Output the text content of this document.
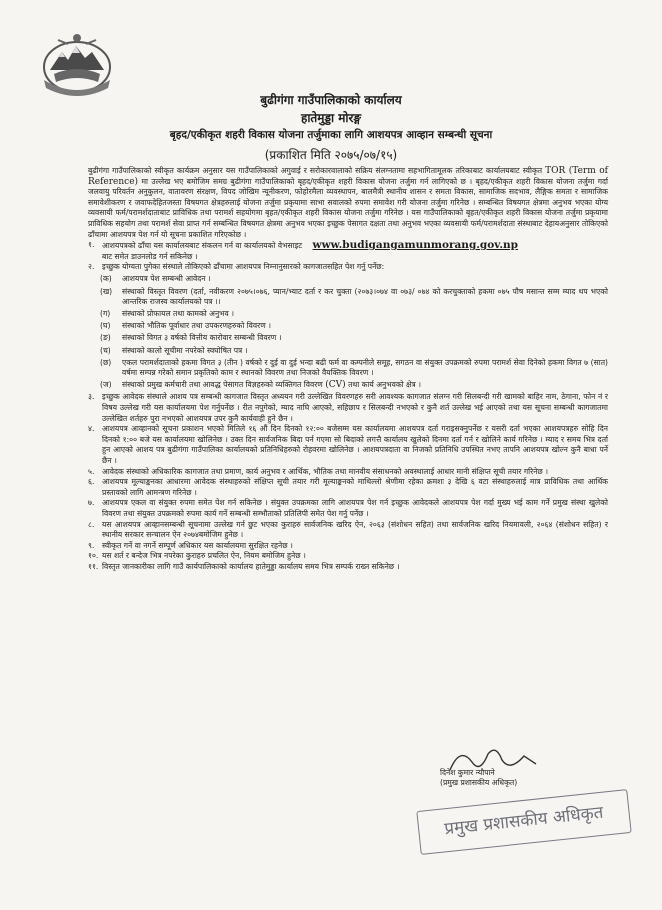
बुढीगंगा गाउँपालिकाको कार्यालय
हातेमुड्डा मोरङ्ग
बृहद/एकीकृत शहरी विकास योजना तर्जुमाका लागि आशयपत्र आव्हान सम्बन्धी सूचना
(प्रकाशित मिति २०७५/०७/१५)

बुढीगंगा गाउँपालिकाको स्वीकृत कार्यक्रम अनुसार यस गाउँपालिकाको अगुवाई र सरोकारवालाको सक्रिय संलग्नतामा सहभागितामूलक तरिकाबाट कार्यालयबाट स्वीकृत TOR (Term of Reference) मा उल्लेख भए बमोजिम समग्र बुढीगंगा गाउँपालिकाको बृहद/एकीकृत शहरी विकास योजना तर्जुमा गर्न लागिएको छ । बृहद/एकीकृत शहरी विकास योजना तर्जुमा गर्दा जलवायु परिवर्तन अनुकुलन, वातावरण संरक्षण, विपद जोखिम न्यूनीकरण, फोहोरमैला व्यवस्थापन, बालमैत्री स्थानीय शासन र समता विकास, सामाजिक सदभाव, लैङ्गिक समता र सामाजिक समावेशीकरण र जवाफदेहितजस्ता विषयगत क्षेत्रहरुलाई योजना तर्जुमा प्रकृयामा साभा सवालको रुपमा समावेश गरी योजना तर्जुमा गरिनेछ । सम्बन्धित विषयगत क्षेत्रमा अनुभव भएका योग्य व्यवसायी फर्म/परामर्शदाताबाट प्राविधिक तथा परामर्श सहयोगमा बृहत/एकीकृत शहरी विकास योजना तर्जुमा गरिनेछ । यस गाउँपालिकाको बृहत/एकीकृत शहरी विकास योजना तर्जुमा प्रकृयामा प्राविधिक सहयोग तथा परामर्श सेवा प्राप्त गर्न सम्बन्धित विषयगत क्षेत्रमा अनुभव भएका इच्छुक पेसागत दक्षता तथा अनुभव भएका व्यवसायी फर्म/परामर्शदाता संस्थाबाट देहायअनुसार तोकिएको ढाँचामा आशयपत्र पेश गर्न यो सूचना प्रकाशित गरिएकोछ ।

१.	आशयपत्रको ढाँचा यस कार्यालयबाट संकलन गर्न वा कार्यालयको वेभसाइट www.budigangamunmorang.gov.np
बाट समेत डाउनलोड गर्न सकिनेछ ।
२.	इच्छुक योग्यता पुगेका संस्थाले तोकिएको ढाँचामा आशयपत्र निम्नानुसारको कागजातसहित पेश गर्नु पर्नेछ:
(क)	आशयपत्र पेश सम्बन्धी आवेदन ।
(ख)	संस्थाको विस्तृत विवरण (दर्ता, नवीकरण २०७५।०७६, प्यान/भ्याट दर्ता र कर चुक्ता (२०७३।०७४ वा ०७३/ ०७४ को करचुक्ताको हकमा ०७५ पौष मसान्त सम्म म्याद थप भएको आन्तरिक राजस्व कार्यालयको पत्र ।।
(ग)	संस्थाको प्रोफायल तथा कामको अनुभव ।
(घ)	संस्थाको भौतिक पूर्वाधार तथा उपकरणहरुको विवरण ।
(ङ)	संस्थाको विगत ३ वर्षको वित्तीय कारोवार सम्बन्धी विवरण ।
(च)	संस्थाको कालो सूचीमा नपरेको स्वघोषित पत्र ।
(छ)	एकल परामर्शदाताको हकमा विगत ३ (तीन ) वर्षको र दुई वा दुई भन्दा बढी फर्म वा कम्पनीले समूह, सगठन वा संयुक्त उपक्रमको रुपमा परामर्श सेवा दिनेको हकमा विगत ७ (सात) वर्षमा सम्पन्न गरेको समान प्रकृतिको काम र स्थानको विवरण तथा निजको वैयक्तिक विवरण ।
(ज)	संस्थाको प्रमुख कर्मचारी तथा आवद्ध पेसागत विज्ञहरुको व्यक्तिगत विवरण (CV) तथा कार्य अनुभवको क्षेत्र ।
३.	इच्छुक आवेदक संस्थाले आशय पत्र सम्बन्धी कागजात विस्तृत अध्ययन गरी उल्लेखित विवरणहरु सरी आवश्यक कागजात संलग्न गरी सिलबन्दी गरी खामको बाहिर नाम, ठेगाना, फोन नं र विषय उल्लेख गरी यस कार्यालयमा पेश गर्नुपर्नेछ । रीत नपुगेको, म्याद नाघि आएको, सहिछाप र सिलबन्दी नभएको र कुनै शर्त उल्लेख भई आएको तथा यस सूचना सम्बन्धी कागजातमा उल्लेखित शर्तहरु पुरा नभएको आशयपत्र उपर कुनै कार्यवाही हुने छैन ।
४.	आशयपत्र आव्हानको सूचना प्रकाशन भएको मितिले १६ औं दिन दिनको १२:०० बजेसम्म यस कार्यालयमा आशयपत्र दर्ता गराइसक्नुपर्नेछ र यसरी दर्ता भएका आशयपत्रहरु सोहि दिन दिनको १:०० बजे यस कार्यालयमा खोलिनेछ । उक्त दिन सार्वजनिक बिदा पर्न गएमा सो बिदाको लगत्तै कार्यालय खुलेको दिनमा दर्ता गर्न र खोलिने कार्य गरिनेछ । म्याद र समय भित्र दर्ता हुन आएको आशय पत्र बुढीगंगा गाउँपालिका कार्यालयको प्रतिनिधिहरुको रोहवरमा खोलिनेछ । आशयपत्रदाता वा निजको प्रतिनिधि उपस्थित नभए तापनि आशयपत्र खोल्न कुनै बाधा पर्ने छैन ।
५.	आवेदक संस्थाको अधिकारिक कागजात तथा प्रमाण, कार्य अनुभव र आर्थिक, भौतिक तथा मानवीय संसाधनको अवस्थालाई आधार मानी संक्षिप्त सूची तयार गरिनेछ ।
६.	आशयपत्र मूल्याङ्कनका आधारमा आवेदक संस्थाहरुको संक्षिप्त सूची तयार गरी मूल्याङ्कनको माथिल्लो श्रेणीमा रहेका क्रमशः ३ देखि ६ वटा संस्थाहरुलाई मात्र प्राविधिक तथा आर्थिक प्रस्तावको लागि आमन्त्रण गरिनेछ ।
७.	आशयपत्र एकल वा संयुक्त रुपमा समेत पेश गर्न सकिनेछ । संयुक्त उपक्रमका लागि आशयपत्र पेश गर्न इच्छुक आवेदकले आशयपत्र पेश गर्दा मुख्य भई काम गर्ने प्रमुख संस्था खुलेको विवरण तथा संयुक्त उपक्रमको रुपमा कार्य गर्ने सम्बन्धी सम्भौताको प्रतिलिपी समेत पेश गर्नु पर्नेछ ।
८.	यस आशयपत्र आव्हानसम्बन्धी सूचनामा उल्लेख गर्न छुट भएका कुराहरु सार्वजनिक खरिद ऐन, २०६३ (संशोधन सहित) तथा सार्वजनिक खरिद नियमावली, २०६४ (संशोधन सहित) र स्थानीय सरकार सन्चालन ऐन २०७४बमोजिम हुनेछ ।
९.	स्वीकृत गर्ने वा नगर्ने सम्पूर्ण अधिकार यस कार्यालयमा सुरक्षित रहनेछ ।
१०. यस शर्त र बन्देज भित्र नपरेका कुराहरु प्रचलित ऐन, नियम बमोजिम हुनेछ ।
११. विस्तृत जानकारीका लागि गाउँ कार्यपालिकाको कार्यालय हातेमुड्डा कार्यालय समय भित्र सम्पर्क राख्न सकिनेछ ।
दिनेश कुमार न्यौपाने
(प्रमुख प्रशासकीय अधिकृत)
प्रमुख प्रशासकीय अधिकृत
